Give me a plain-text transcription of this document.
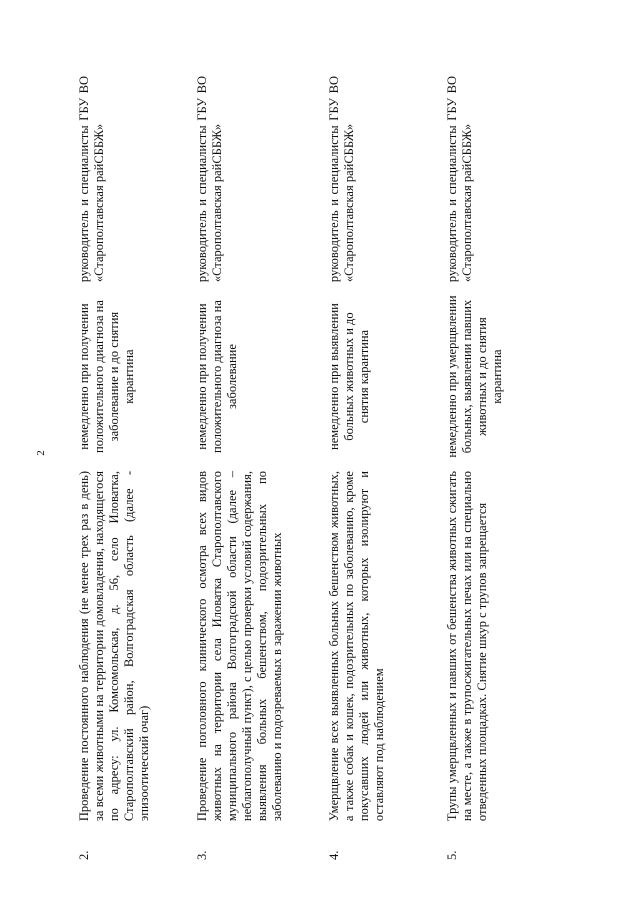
2
2.	Проведение постоянного наблюдения (не менее трех раз в день) за всеми животными на территории домовладения, находящегося по адресу: ул. Комсомольская, д. 56, село Иловатка, Старополтавский район, Волгоградская область (далее - эпизоотический очаг)	немедленно при получении положительного диагноза на заболевание и до снятия карантина	руководитель и специалисты ГБУ ВО «Старополтавская райСББЖ»
3.	Проведение поголовного клинического осмотра всех видов животных на территории села Иловатка Старополтавского муниципального района Волгоградской области (далее – неблагополучный пункт), с целью проверки условий содержания, выявления больных бешенством, подозрительных по заболеванию и подозреваемых в заражении животных	немедленно при получении положительного диагноза на заболевание	руководитель и специалисты ГБУ ВО «Старополтавская райСББЖ»
4.	Умерщвление всех выявленных больных бешенством животных, а также собак и кошек, подозрительных по заболеванию, кроме покусавших людей или животных, которых изолируют и оставляют под наблюдением	немедленно при выявлении больных животных и до снятия карантина	руководитель и специалисты ГБУ ВО «Старополтавская райСББЖ»
5.	Трупы умерщвленных и павших от бешенства животных сжигать на месте, а также в трупосжигательных печах или на специально отведенных площадках. Снятие шкур с трупов запрещается	немедленно при умерщвлении больных, выявлении павших животных и до снятия карантина	руководитель и специалисты ГБУ ВО «Старополтавская райСББЖ»
